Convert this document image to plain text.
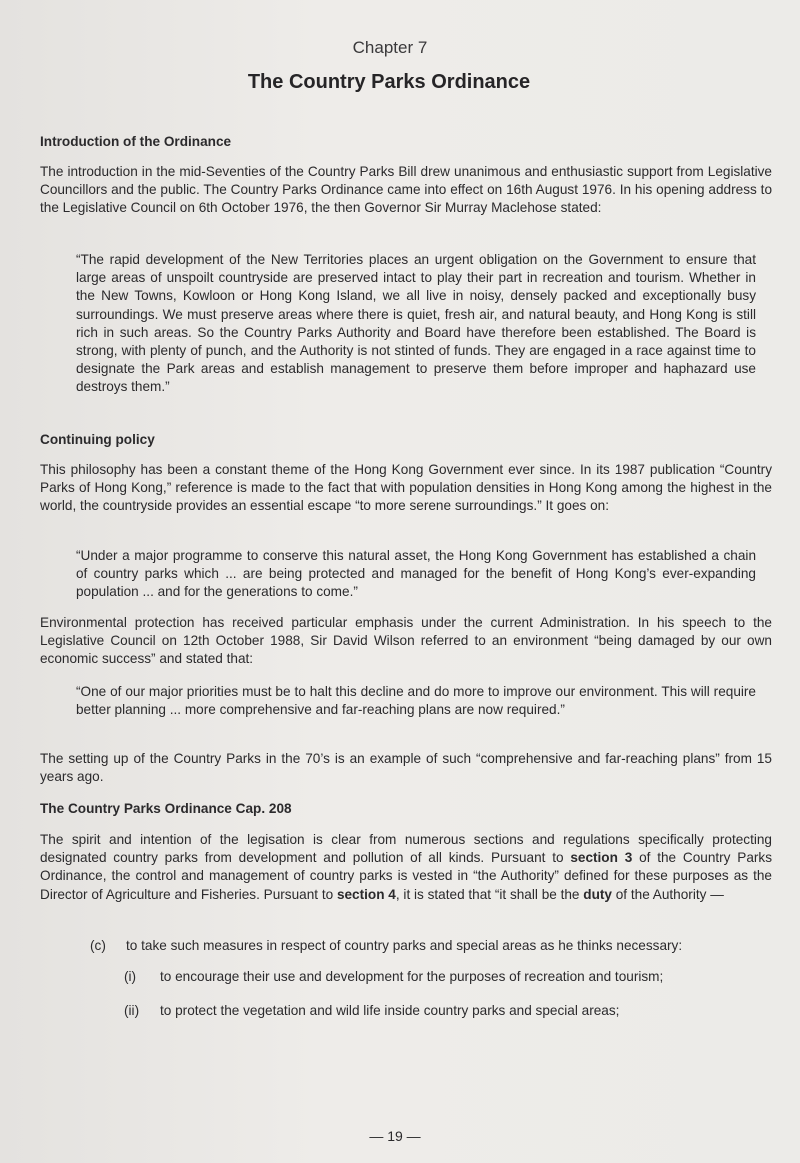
Chapter 7
The Country Parks Ordinance
Introduction of the Ordinance
The introduction in the mid-Seventies of the Country Parks Bill drew unanimous and enthusiastic support from Legislative Councillors and the public. The Country Parks Ordinance came into effect on 16th August 1976. In his opening address to the Legislative Council on 6th October 1976, the then Governor Sir Murray Maclehose stated:
“The rapid development of the New Territories places an urgent obligation on the Government to ensure that large areas of unspoilt countryside are preserved intact to play their part in recreation and tourism. Whether in the New Towns, Kowloon or Hong Kong Island, we all live in noisy, densely packed and exceptionally busy surroundings. We must preserve areas where there is quiet, fresh air, and natural beauty, and Hong Kong is still rich in such areas. So the Country Parks Authority and Board have therefore been established. The Board is strong, with plenty of punch, and the Authority is not stinted of funds. They are engaged in a race against time to designate the Park areas and establish management to preserve them before improper and haphazard use destroys them.”
Continuing policy
This philosophy has been a constant theme of the Hong Kong Government ever since. In its 1987 publication “Country Parks of Hong Kong,” reference is made to the fact that with population densities in Hong Kong among the highest in the world, the countryside provides an essential escape “to more serene surroundings.” It goes on:
“Under a major programme to conserve this natural asset, the Hong Kong Government has established a chain of country parks which ... are being protected and managed for the benefit of Hong Kong’s ever-expanding population ... and for the generations to come.”
Environmental protection has received particular emphasis under the current Administration. In his speech to the Legislative Council on 12th October 1988, Sir David Wilson referred to an environment “being damaged by our own economic success” and stated that:
“One of our major priorities must be to halt this decline and do more to improve our environment. This will require better planning ... more comprehensive and far-reaching plans are now required.”
The setting up of the Country Parks in the 70’s is an example of such “comprehensive and far-reaching plans” from 15 years ago.
The Country Parks Ordinance Cap. 208
The spirit and intention of the legisation is clear from numerous sections and regulations specifically protecting designated country parks from development and pollution of all kinds. Pursuant to section 3 of the Country Parks Ordinance, the control and management of country parks is vested in “the Authority” defined for these purposes as the Director of Agriculture and Fisheries. Pursuant to section 4, it is stated that “it shall be the duty of the Authority —
(c)	to take such measures in respect of country parks and special areas as he thinks necessary:
(i)	to encourage their use and development for the purposes of recreation and tourism;
(ii)	to protect the vegetation and wild life inside country parks and special areas;
— 19 —
